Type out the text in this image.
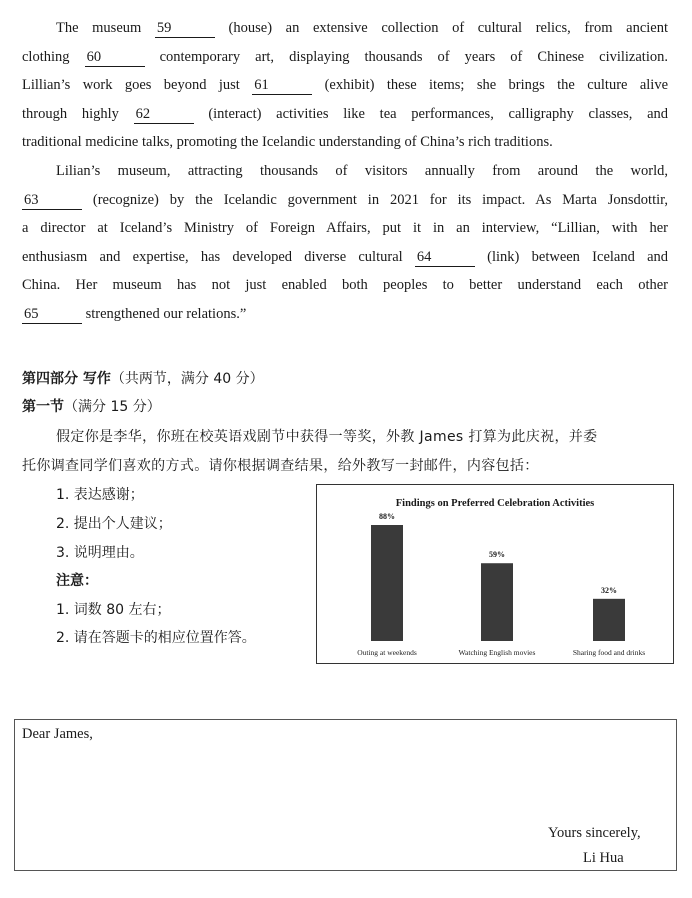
The museum 59	(house) an extensive collection of cultural relics, from ancient
clothing 60	contemporary art, displaying thousands of years of Chinese civilization.
Lillian’s work goes beyond just 61	(exhibit) these items; she brings the culture alive
through highly 62	(interact) activities like tea performances, calligraphy classes, and
traditional medicine talks, promoting the Icelandic understanding of China’s rich traditions.
Lilian’s museum, attracting thousands of visitors annually from around the world,
63	(recognize) by the Icelandic government in 2021 for its impact. As Marta Jonsdottir,
a director at Iceland’s Ministry of Foreign Affairs, put it in an interview, “Lillian, with her
enthusiasm and expertise, has developed diverse cultural 64	(link) between Iceland and
China. Her museum has not just enabled both peoples to better understand each other
65	strengthened our relations.”
第四部分 写作（共两节，满分 40 分）
第一节（满分 15 分）
假定你是李华，你班在校英语戏剧节中获得一等奖，外教 James 打算为此庆祝，并委
托你调查同学们喜欢的方式。请你根据调查结果，给外教写一封邮件，内容包括：
1. 表达感谢；
2. 提出个人建议；
3. 说明理由。
注意：
1. 词数 80 左右；
2. 请在答题卡的相应位置作答。
Findings on Preferred Celebration Activities
88%
Outing at weekends
59%
Watching English movies
32%
Sharing food and drinks
Dear James,
Yours sincerely,
Li Hua
